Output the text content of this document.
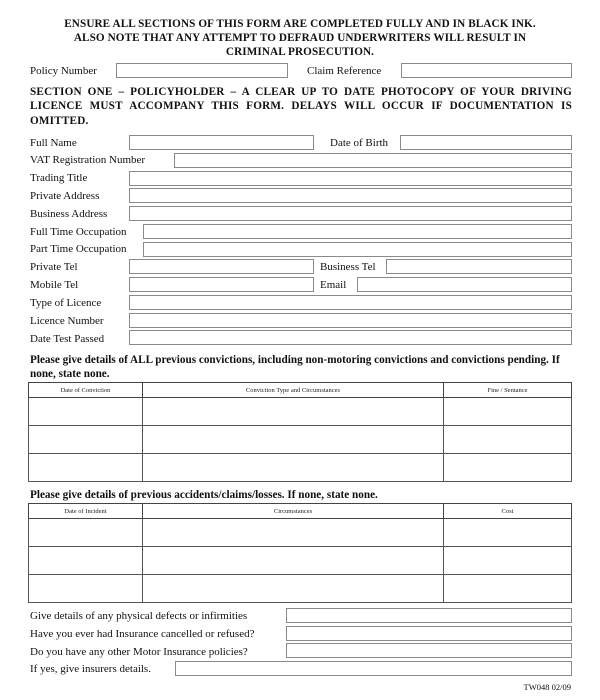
ENSURE ALL SECTIONS OF THIS FORM ARE COMPLETED FULLY AND IN BLACK INK.
ALSO NOTE THAT ANY ATTEMPT TO DEFRAUD UNDERWRITERS WILL RESULT IN
CRIMINAL PROSECUTION.
Policy Number	Claim Reference
SECTION ONE – POLICYHOLDER – A CLEAR UP TO DATE PHOTOCOPY OF YOUR DRIVING LICENCE MUST ACCOMPANY THIS FORM. DELAYS WILL OCCUR IF DOCUMENTATION IS OMITTED.
Full Name	Date of Birth
VAT Registration Number
Trading Title
Private Address
Business Address
Full Time Occupation
Part Time Occupation
Private Tel	Business Tel
Mobile Tel	Email
Type of Licence
Licence Number
Date Test Passed
Please give details of ALL previous convictions, including non-motoring convictions and convictions pending. If none, state none.
Date of Conviction	Conviction Type and Circumstances	Fine / Sentance

Please give details of previous accidents/claims/losses. If none, state none.
Date of Incident	Circumstances	Cost

Give details of any physical defects or infirmities
Have you ever had Insurance cancelled or refused?
Do you have any other Motor Insurance policies?
If yes, give insurers details.
TW048 02/09
